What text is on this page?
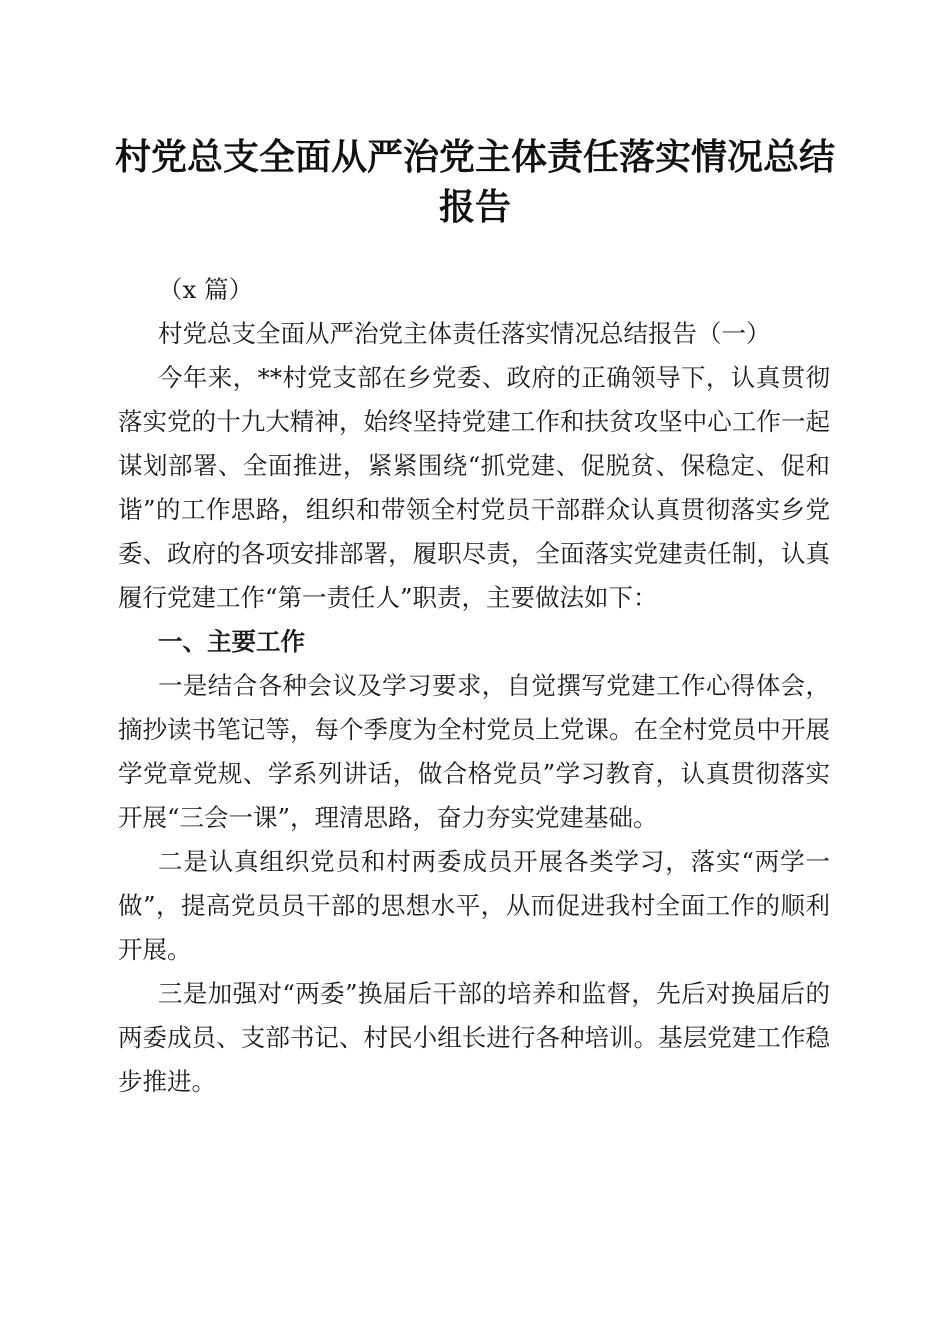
村党总支全面从严治党主体责任落实情况总结报告

（x 篇）

村党总支全面从严治党主体责任落实情况总结报告（一）

今年来，**村党支部在乡党委、政府的正确领导下，认真贯彻落实党的十九大精神，始终坚持党建工作和扶贫攻坚中心工作一起谋划部署、全面推进，紧紧围绕“抓党建、促脱贫、保稳定、促和谐”的工作思路，组织和带领全村党员干部群众认真贯彻落实乡党委、政府的各项安排部署，履职尽责，全面落实党建责任制，认真履行党建工作“第一责任人”职责，主要做法如下：

一、主要工作

一是结合各种会议及学习要求，自觉撰写党建工作心得体会，摘抄读书笔记等，每个季度为全村党员上党课。在全村党员中开展学党章党规、学系列讲话，做合格党员”学习教育，认真贯彻落实开展“三会一课”，理清思路，奋力夯实党建基础。

二是认真组织党员和村两委成员开展各类学习，落实“两学一做”，提高党员员干部的思想水平，从而促进我村全面工作的顺利开展。

三是加强对“两委”换届后干部的培养和监督，先后对换届后的两委成员、支部书记、村民小组长进行各种培训。基层党建工作稳步推进。
